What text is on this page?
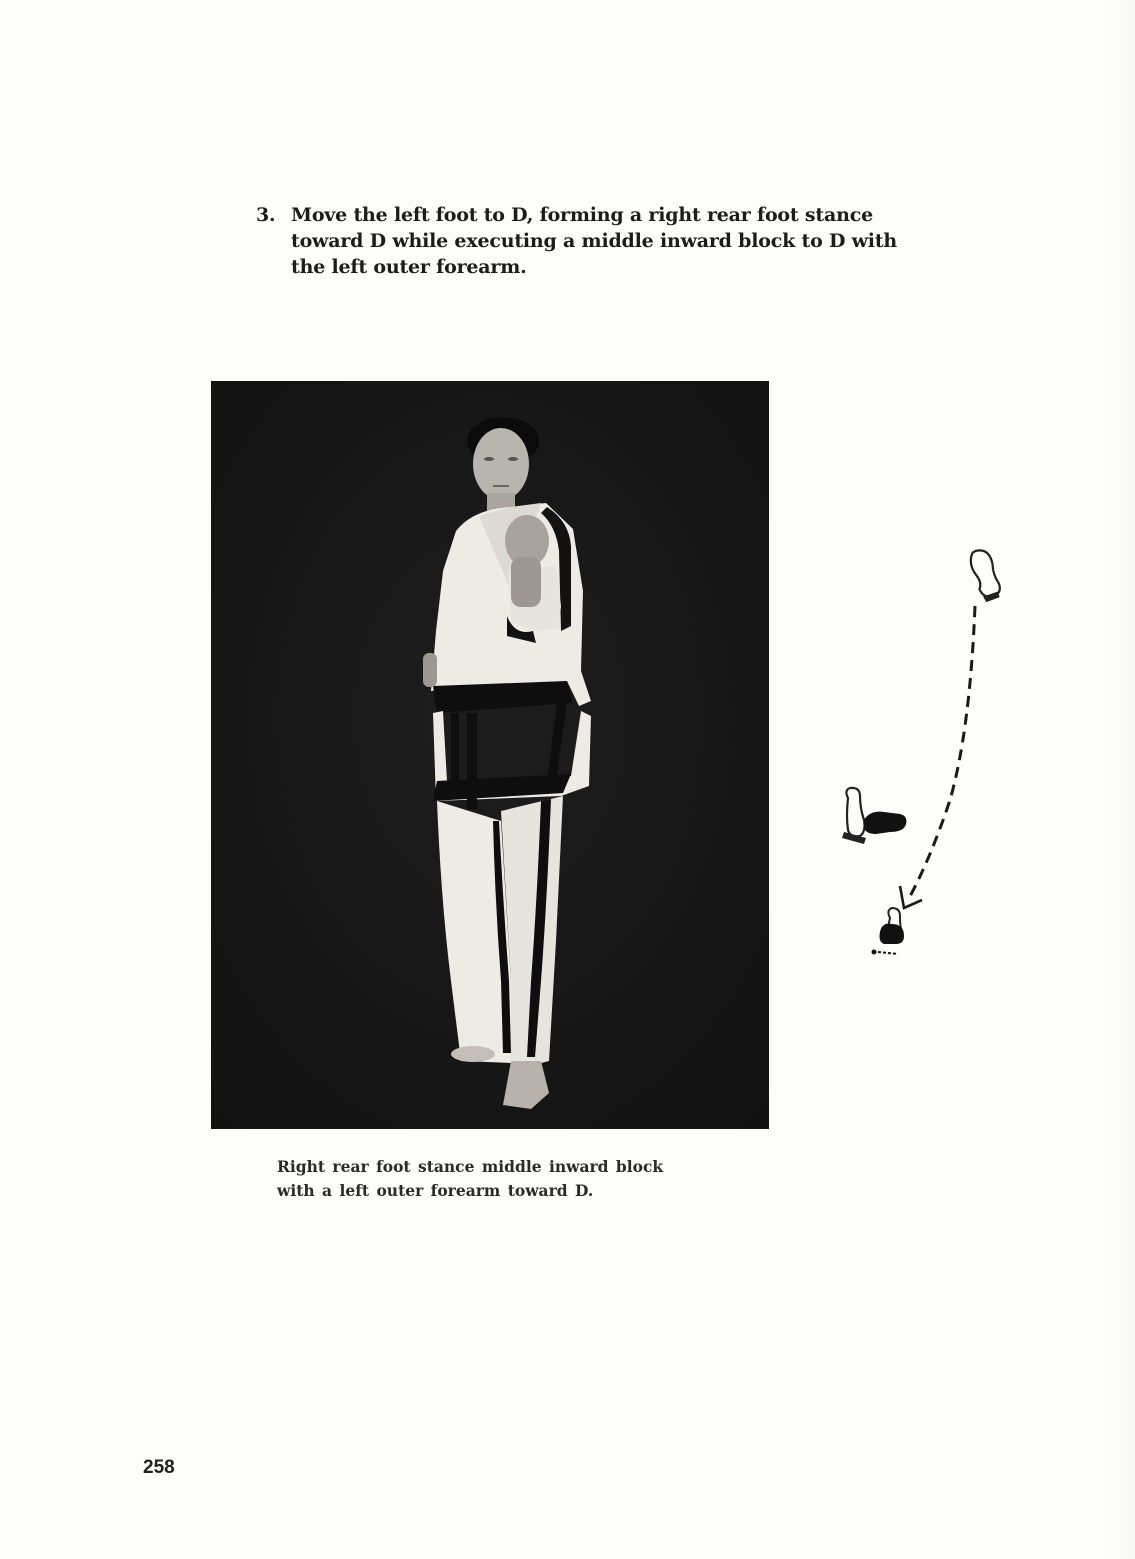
3. Move the left foot to D, forming a right rear foot stance
toward D while executing a middle inward block to D with
the left outer forearm.
Right rear foot stance middle inward block
with a left outer forearm toward D.
258
